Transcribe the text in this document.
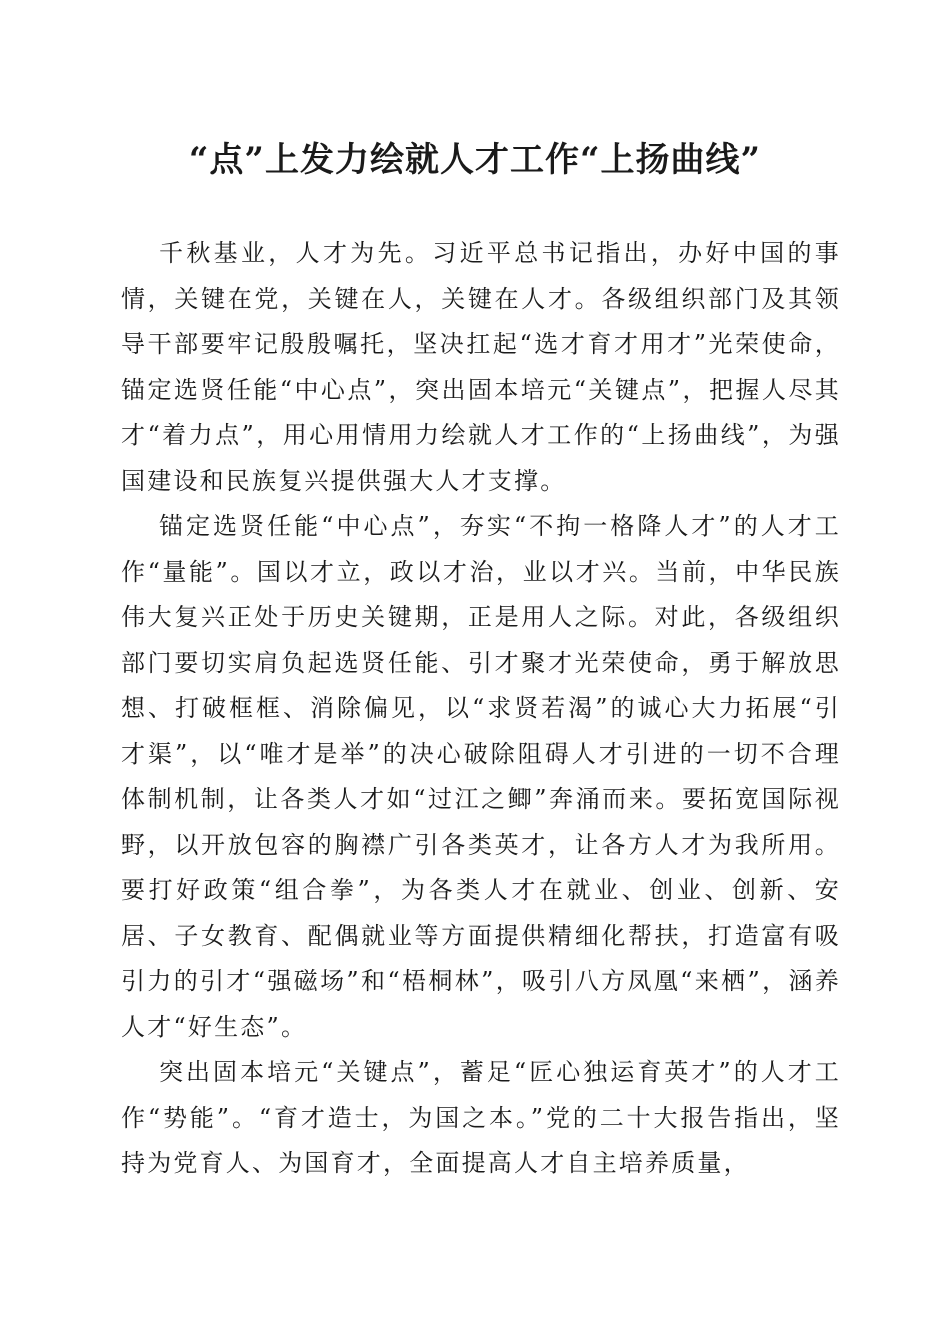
“点”上发力绘就人才工作“上扬曲线”

千秋基业，人才为先。习近平总书记指出，办好中国的事情，关键在党，关键在人，关键在人才。各级组织部门及其领导干部要牢记殷殷嘱托，坚决扛起“选才育才用才”光荣使命，锚定选贤任能“中心点”，突出固本培元“关键点”，把握人尽其才“着力点”，用心用情用力绘就人才工作的“上扬曲线”，为强国建设和民族复兴提供强大人才支撑。

锚定选贤任能“中心点”，夯实“不拘一格降人才”的人才工作“量能”。国以才立，政以才治，业以才兴。当前，中华民族伟大复兴正处于历史关键期，正是用人之际。对此，各级组织部门要切实肩负起选贤任能、引才聚才光荣使命，勇于解放思想、打破框框、消除偏见，以“求贤若渴”的诚心大力拓展“引才渠”，以“唯才是举”的决心破除阻碍人才引进的一切不合理体制机制，让各类人才如“过江之鲫”奔涌而来。要拓宽国际视野，以开放包容的胸襟广引各类英才，让各方人才为我所用。要打好政策“组合拳”，为各类人才在就业、创业、创新、安居、子女教育、配偶就业等方面提供精细化帮扶，打造富有吸引力的引才“强磁场”和“梧桐林”，吸引八方凤凰“来栖”，涵养人才“好生态”。

突出固本培元“关键点”，蓄足“匠心独运育英才”的人才工作“势能”。“育才造士，为国之本。”党的二十大报告指出，坚持为党育人、为国育才，全面提高人才自主培养质量，
